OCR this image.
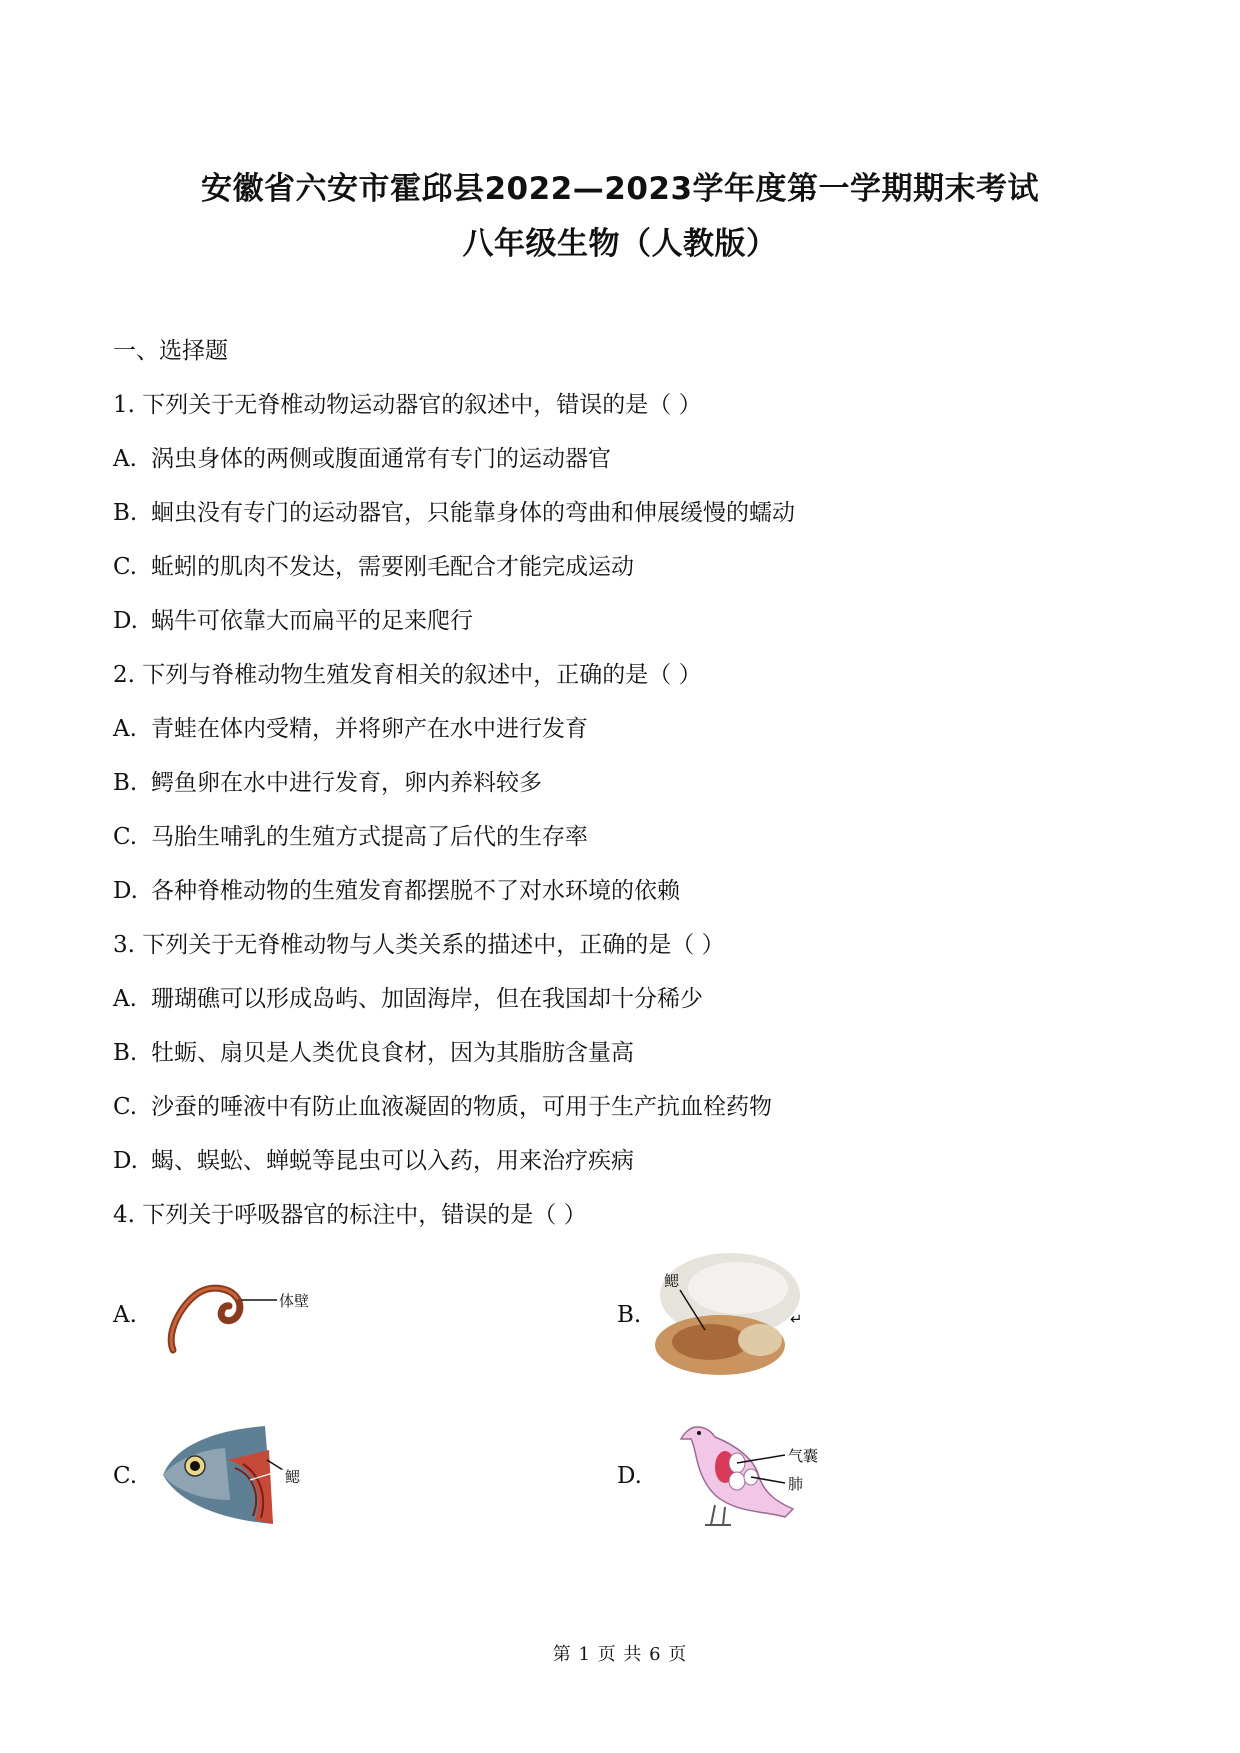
安徽省六安市霍邱县2022—2023学年度第一学期期末考试
八年级生物（人教版）
一、选择题
1. 下列关于无脊椎动物运动器官的叙述中，错误的是（ ）
A. 涡虫身体的两侧或腹面通常有专门的运动器官
B. 蛔虫没有专门的运动器官，只能靠身体的弯曲和伸展缓慢的蠕动
C. 蚯蚓的肌肉不发达，需要刚毛配合才能完成运动
D. 蜗牛可依靠大而扁平的足来爬行
2. 下列与脊椎动物生殖发育相关的叙述中，正确的是（ ）
A. 青蛙在体内受精，并将卵产在水中进行发育
B. 鳄鱼卵在水中进行发育，卵内养料较多
C. 马胎生哺乳的生殖方式提高了后代的生存率
D. 各种脊椎动物的生殖发育都摆脱不了对水环境的依赖
3. 下列关于无脊椎动物与人类关系的描述中，正确的是（ ）
A. 珊瑚礁可以形成岛屿、加固海岸，但在我国却十分稀少
B. 牡蛎、扇贝是人类优良食材，因为其脂肪含量高
C. 沙蚕的唾液中有防止血液凝固的物质，可用于生产抗血栓药物
D. 蝎、蜈蚣、蝉蜕等昆虫可以入药，用来治疗疾病
4. 下列关于呼吸器官的标注中，错误的是（ ）
A.
体壁
B.
鳃
↵
C.	鳃	D.
气囊
肺
第 1 页 共 6 页
